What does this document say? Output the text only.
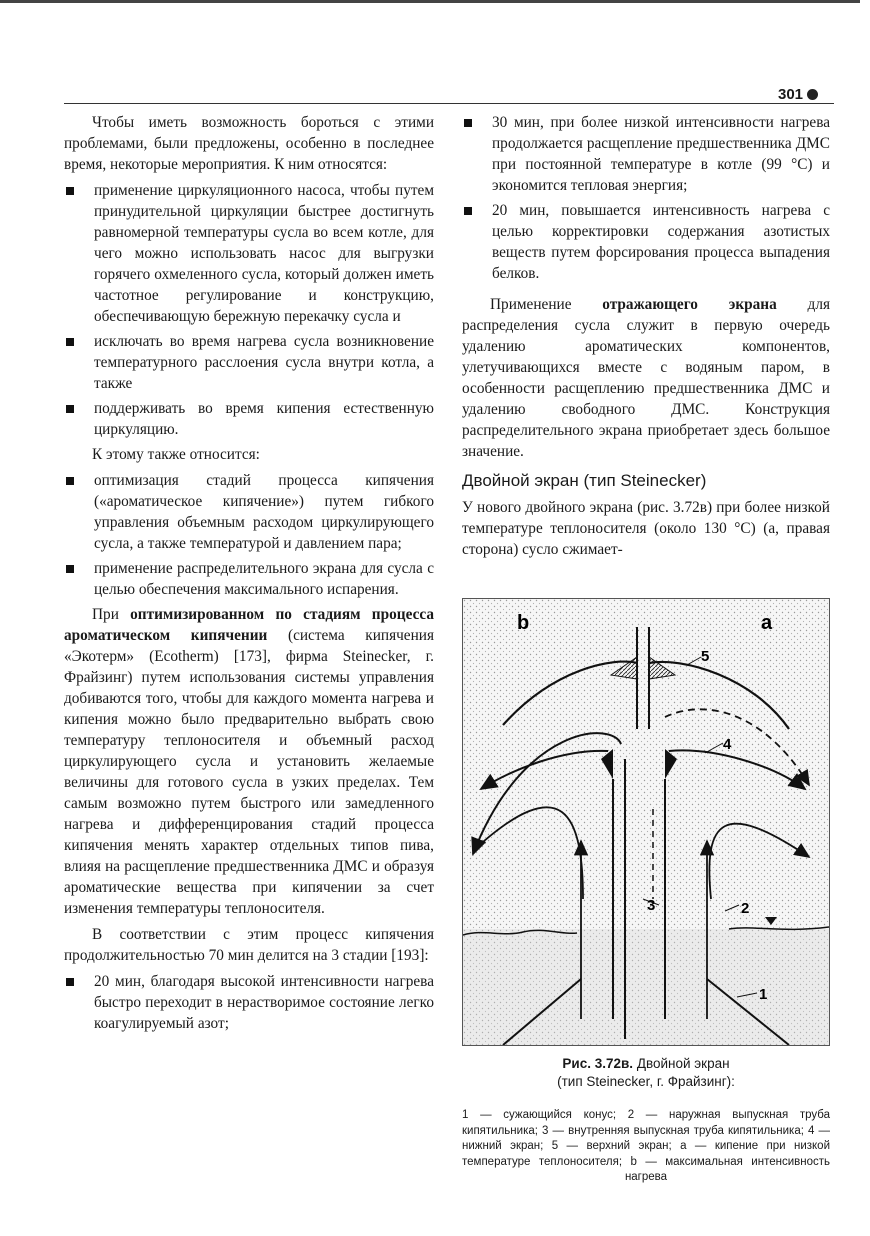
301

Чтобы иметь возможность бороться с этими проблемами, были предложены, особенно в последнее время, некоторые мероприятия. К ним относятся:

применение циркуляционного насоса, чтобы путем принудительной циркуляции быстрее достигнуть равномерной температуры сусла во всем котле, для чего можно использовать насос для выгрузки горячего охмеленного сусла, который должен иметь частотное регулирование и конструкцию, обеспечивающую бережную перекачку сусла и
исключать во время нагрева сусла возникновение температурного расслоения сусла внутри котла, а также
поддерживать во время кипения естественную циркуляцию.

К этому также относится:

оптимизация стадий процесса кипячения («ароматическое кипячение») путем гибкого управления объемным расходом циркулирующего сусла, а также температурой и давлением пара;
применение распределительного экрана для сусла с целью обеспечения максимального испарения.

При оптимизированном по стадиям процесса ароматическом кипячении (система кипячения «Экотерм» (Ecotherm) [173], фирма Steinecker, г. Фрайзинг) путем использования системы управления добиваются того, чтобы для каждого момента нагрева и кипения можно было предварительно выбрать свою температуру теплоносителя и объемный расход циркулирующего сусла и установить желаемые величины для готового сусла в узких пределах. Тем самым возможно путем быстрого или замедленного нагрева и дифференцирования стадий процесса кипячения менять характер отдельных типов пива, влияя на расщепление предшественника ДМС и образуя ароматические вещества при кипячении за счет изменения температуры теплоносителя.

В соответствии с этим процесс кипячения продолжительностью 70 мин делится на 3 стадии [193]:

20 мин, благодаря высокой интенсивности нагрева быстро переходит в нерастворимое состояние легко коагулируемый азот;
30 мин, при более низкой интенсивности нагрева продолжается расщепление предшественника ДМС при постоянной температуре в котле (99 °С) и экономится тепловая энергия;
20 мин, повышается интенсивность нагрева с целью корректировки содержания азотистых веществ путем форсирования процесса выпадения белков.

Применение отражающего экрана для распределения сусла служит в первую очередь удалению ароматических компонентов, улетучивающихся вместе с водяным паром, в особенности расщеплению предшественника ДМС и удалению свободного ДМС. Конструкция распределительного экрана приобретает здесь большое значение.

Двойной экран (тип Steinecker)

У нового двойного экрана (рис. 3.72в) при более низкой температуре теплоносителя (около 130 °С) (а, правая сторона) сусло сжимает-

b	a
5
4
3	2
1
Рис. 3.72в. Двойной экран
(тип Steinecker, г. Фрайзинг):
1 — сужающийся конус; 2 — наружная выпускная труба кипятильника; 3 — внутренняя выпускная труба кипятильника; 4 — нижний экран; 5 — верхний экран; a — кипение при низкой температуре теплоносителя; b — максимальная интенсивность нагрева
